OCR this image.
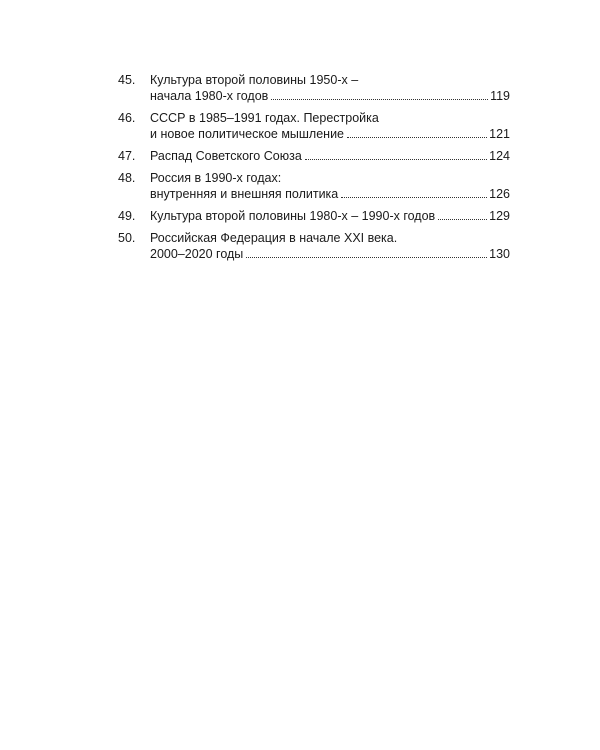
45.	Культура второй половины 1950-х –
начала 1980-х годов	119
46.	СССР в 1985–1991 годах. Перестройка
и новое политическое мышление	121
47.	Распад Советского Союза	124
48.	Россия в 1990-х годах:
внутренняя и внешняя политика	126
49.	Культура второй половины 1980-х – 1990-х годов	129
50.	Российская Федерация в начале XXI века.
2000–2020 годы	130
